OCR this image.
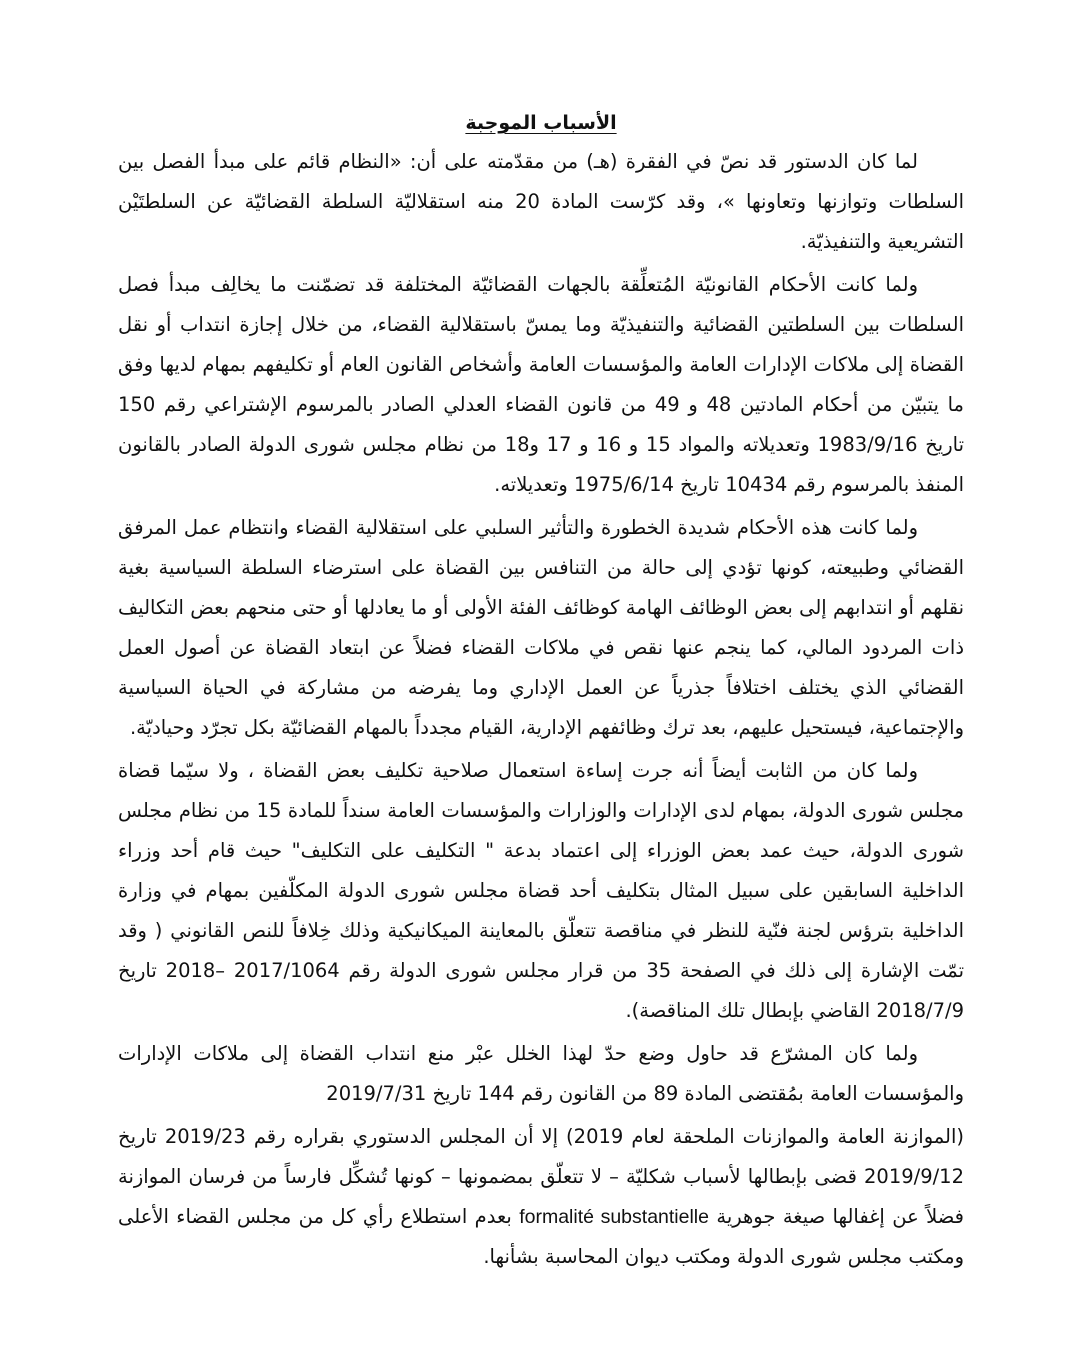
الأسباب الموجبة

لما كان الدستور قد نصّ في الفقرة (هـ) من مقدّمته على أن: «النظام قائم على مبدأ الفصل بين السلطات وتوازنها وتعاونها »، وقد كرّست المادة 20 منه استقلاليّة السلطة القضائيّة عن السلطتَيْن التشريعية والتنفيذيّة.

ولما كانت الأحكام القانونيّة المُتعلِّقة بالجهات القضائيّة المختلفة قد تضمّنت ما يخالِف مبدأ فصل السلطات بين السلطتين القضائية والتنفيذيّة وما يمسّ باستقلالية القضاء، من خلال إجازة انتداب أو نقل القضاة إلى ملاكات الإدارات العامة والمؤسسات العامة وأشخاص القانون العام أو تكليفهم بمهام لديها وفق ما يتبيّن من أحكام المادتين 48 و 49 من قانون القضاء العدلي الصادر بالمرسوم الإشتراعي رقم 150 تاريخ 1983/9/16 وتعديلاته والمواد 15 و 16 و 17 و18 من نظام مجلس شورى الدولة الصادر بالقانون المنفذ بالمرسوم رقم 10434 تاريخ 1975/6/14 وتعديلاته.

ولما كانت هذه الأحكام شديدة الخطورة والتأثير السلبي على استقلالية القضاء وانتظام عمل المرفق القضائي وطبيعته، كونها تؤدي إلى حالة من التنافس بين القضاة على استرضاء السلطة السياسية بغية نقلهم أو انتدابهم إلى بعض الوظائف الهامة كوظائف الفئة الأولى أو ما يعادلها أو حتى منحهم بعض التكاليف ذات المردود المالي، كما ينجم عنها نقص في ملاكات القضاء فضلاً عن ابتعاد القضاة عن أصول العمل القضائي الذي يختلف اختلافاً جذرياً عن العمل الإداري وما يفرضه من مشاركة في الحياة السياسية والإجتماعية، فيستحيل عليهم، بعد ترك وظائفهم الإدارية، القيام مجدداً بالمهام القضائيّة بكل تجرّد وحياديّة.

ولما كان من الثابت أيضاً أنه جرت إساءة استعمال صلاحية تكليف بعض القضاة ، ولا سيّما قضاة مجلس شورى الدولة، بمهام لدى الإدارات والوزارات والمؤسسات العامة سنداً للمادة 15 من نظام مجلس شورى الدولة، حيث عمد بعض الوزراء إلى اعتماد بدعة " التكليف على التكليف" حيث قام أحد وزراء الداخلية السابقين على سبيل المثال بتكليف أحد قضاة مجلس شورى الدولة المكلّفين بمهام في وزارة الداخلية بترؤس لجنة فنّية للنظر في مناقصة تتعلّق بالمعاينة الميكانيكية وذلك خِلافاً للنص القانوني ( وقد تمّت الإشارة إلى ذلك في الصفحة 35 من قرار مجلس شورى الدولة رقم 2017/1064 –2018 تاريخ 2018/7/9 القاضي بإبطال تلك المناقصة).

ولما كان المشرّع قد حاول وضع حدّ لهذا الخلل عبْر منع انتداب القضاة إلى ملاكات الإدارات والمؤسسات العامة بمُقتضى المادة 89 من القانون رقم 144 تاريخ 2019/7/31

(الموازنة العامة والموازنات الملحقة لعام 2019) إلا أن المجلس الدستوري بقراره رقم 2019/23 تاريخ 2019/9/12 قضى بإبطالها لأسباب شكليّة – لا تتعلّق بمضمونها – كونها تُشكِّل فارساً من فرسان الموازنة فضلاً عن إغفالها صيغة جوهرية formalité substantielle بعدم استطلاع رأي كل من مجلس القضاء الأعلى ومكتب مجلس شورى الدولة ومكتب ديوان المحاسبة بشأنها.
